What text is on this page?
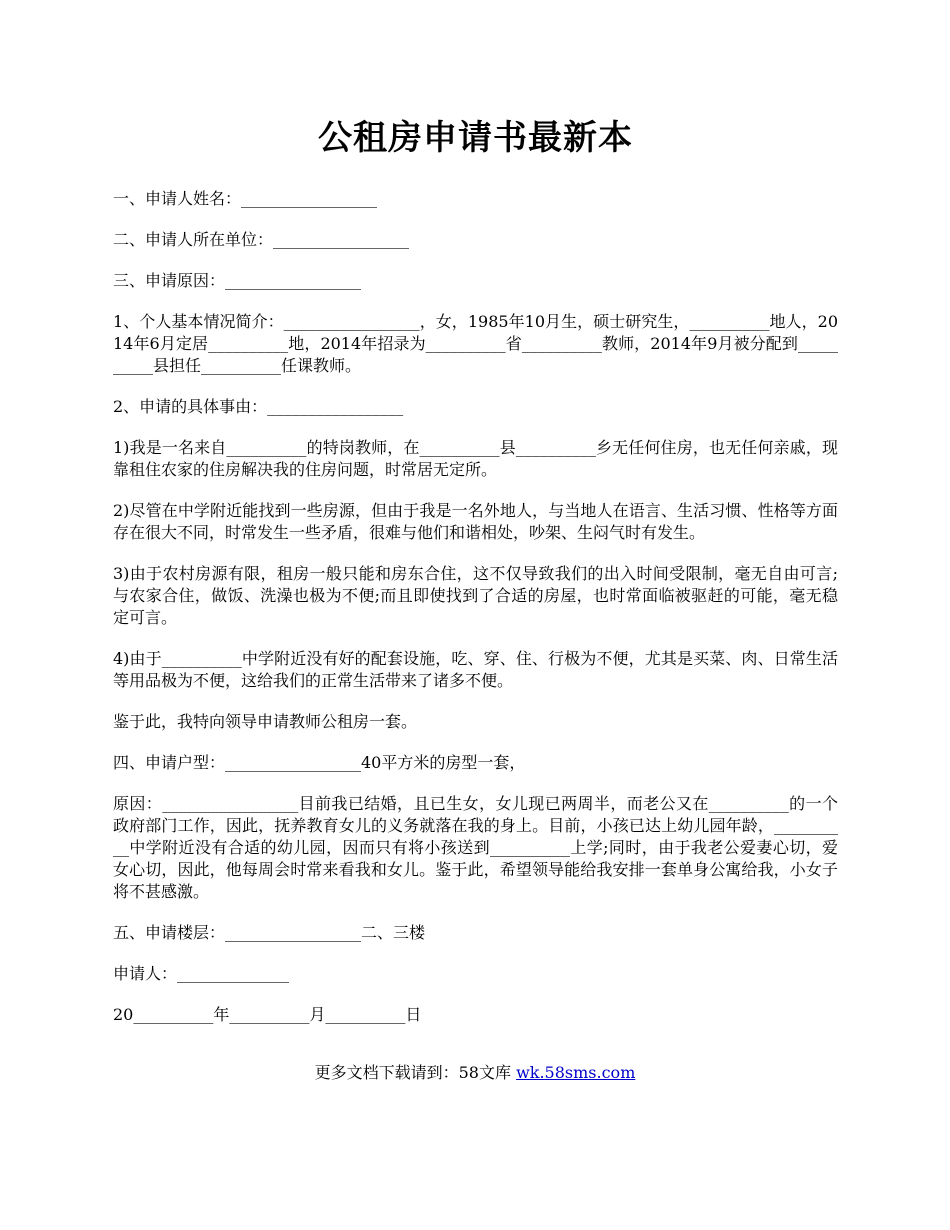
公租房申请书最新本

一、申请人姓名：_________________

二、申请人所在单位：_________________

三、申请原因：_________________

1、个人基本情况简介：_________________，女，1985年10月生，硕士研究生，__________地人，2014年6月定居__________地，2014年招录为__________省__________教师，2014年9月被分配到__________县担任__________任课教师。

2、申请的具体事由：_________________

1)我是一名来自__________的特岗教师，在__________县__________乡无任何住房，也无任何亲戚，现靠租住农家的住房解决我的住房问题，时常居无定所。

2)尽管在中学附近能找到一些房源，但由于我是一名外地人，与当地人在语言、生活习惯、性格等方面存在很大不同，时常发生一些矛盾，很难与他们和谐相处，吵架、生闷气时有发生。

3)由于农村房源有限，租房一般只能和房东合住，这不仅导致我们的出入时间受限制，毫无自由可言;与农家合住，做饭、洗澡也极为不便;而且即使找到了合适的房屋，也时常面临被驱赶的可能，毫无稳定可言。

4)由于__________中学附近没有好的配套设施，吃、穿、住、行极为不便，尤其是买菜、肉、日常生活等用品极为不便，这给我们的正常生活带来了诸多不便。

鉴于此，我特向领导申请教师公租房一套。

四、申请户型：_________________40平方米的房型一套，

原因：_________________目前我已结婚，且已生女，女儿现已两周半，而老公又在__________的一个政府部门工作，因此，抚养教育女儿的义务就落在我的身上。目前，小孩已达上幼儿园年龄，__________中学附近没有合适的幼儿园，因而只有将小孩送到__________上学;同时，由于我老公爱妻心切，爱女心切，因此，他每周会时常来看我和女儿。鉴于此，希望领导能给我安排一套单身公寓给我，小女子将不甚感激。

五、申请楼层：_________________二、三楼

申请人：______________

20__________年__________月__________日

更多文档下载请到：58文库 wk.58sms.com
